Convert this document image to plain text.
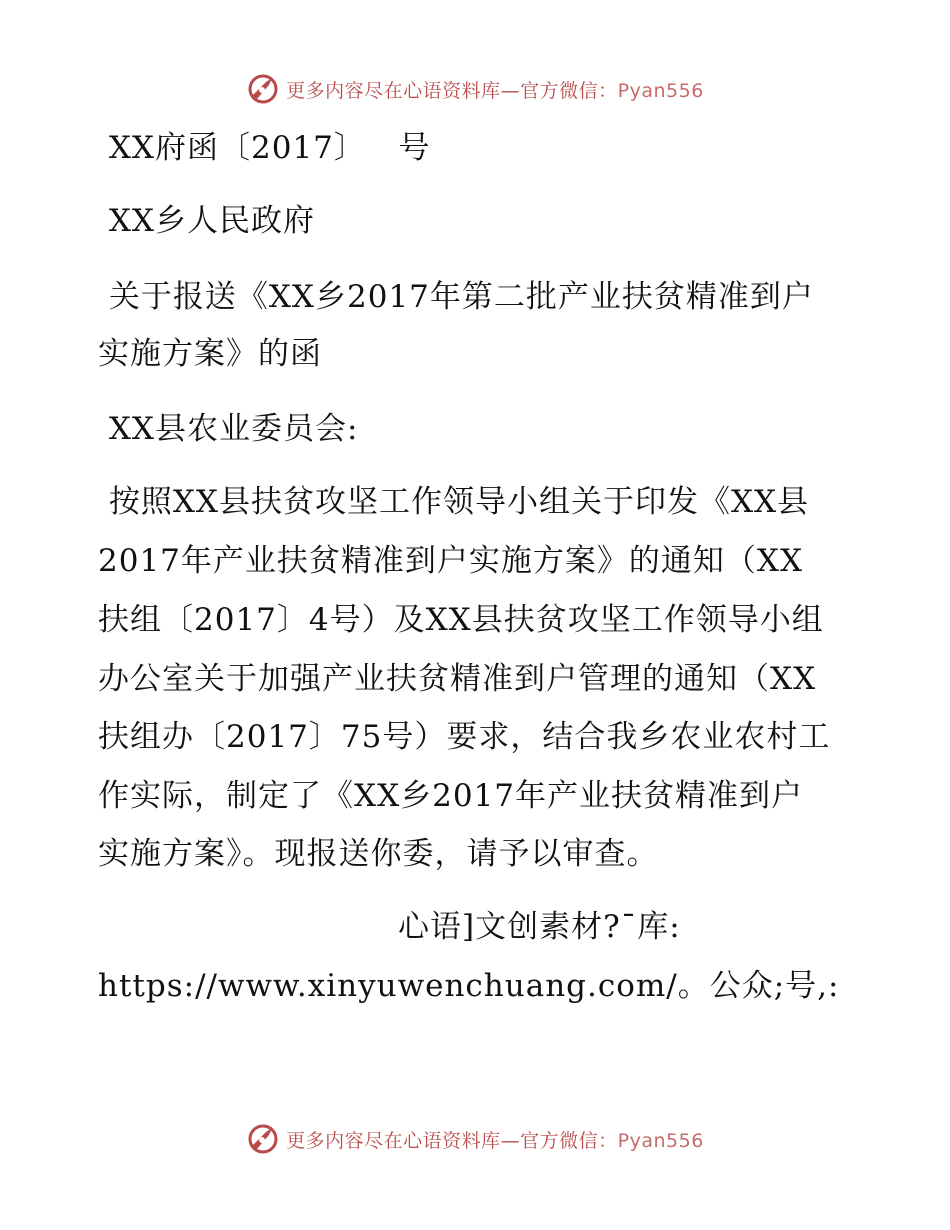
更多内容尽在心语资料库—官方微信：Pyan556
XX府函〔2017〕   号
XX乡人民政府
关于报送《XX乡2017年第二批产业扶贫精准到户
实施方案》的函
XX县农业委员会:
按照XX县扶贫攻坚工作领导小组关于印发《XX县
2017年产业扶贫精准到户实施方案》的通知（XX
扶组〔2017〕4号）及XX县扶贫攻坚工作领导小组
办公室关于加强产业扶贫精准到户管理的通知（XX
扶组办〔2017〕75号）要求，结合我乡农业农村工
作实际，制定了《XX乡2017年产业扶贫精准到户
实施方案》。现报送你委，请予以审查。
心语]文创素材?¯库:
https://www.xinyuwenchuang.com/。公众;号,:
更多内容尽在心语资料库—官方微信：Pyan556
